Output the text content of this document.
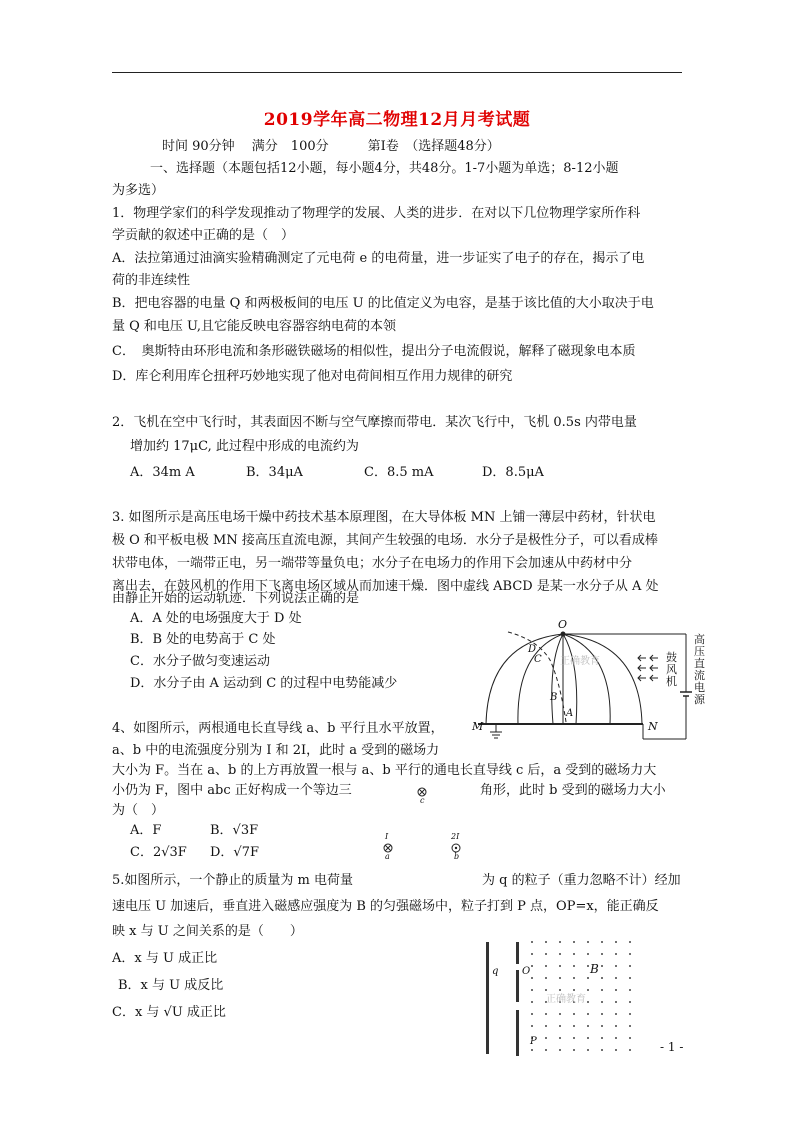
2019学年高二物理12月月考试题
时间 90分钟　 满分　100分　　　第Ⅰ卷　（选择题48分）
一、选择题（本题包括12小题，每小题4分，共48分。1-7小题为单选；8-12小题
为多选）
1．物理学家们的科学发现推动了物理学的发展、人类的进步．在对以下几位物理学家所作科
学贡献的叙述中正确的是（　）
A．法拉第通过油滴实验精确测定了元电荷 e 的电荷量，进一步证实了电子的存在，揭示了电
荷的非连续性
B．把电容器的电量 Q 和两极板间的电压 U 的比值定义为电容，是基于该比值的大小取决于电
量 Q 和电压 U,且它能反映电容器容纳电荷的本领
C．　奥斯特由环形电流和条形磁铁磁场的相似性，提出分子电流假说，解释了磁现象电本质
D．库仑利用库仑扭秤巧妙地实现了他对电荷间相互作用力规律的研究
2．飞机在空中飞行时，其表面因不断与空气摩擦而带电．某次飞行中，飞机 0.5s 内带电量
增加约 17μC, 此过程中形成的电流约为
A．34m A	B．34μA	C．8.5 mA	D．8.5μA
3. 如图所示是高压电场干燥中药技术基本原理图，在大导体板 MN 上铺一薄层中药材，针状电
极 O 和平板电极 MN 接高压直流电源，其间产生较强的电场．水分子是极性分子，可以看成棒
状带电体，一端带正电，另一端带等量负电；水分子在电场力的作用下会加速从中药材中分
离出去，在鼓风机的作用下飞离电场区域从而加速干燥．图中虚线 ABCD 是某一水分子从 A 处
由静止开始的运动轨迹．下列说法正确的是
A．A 处的电场强度大于 D 处
B．B 处的电势高于 C 处
C．水分子做匀变速运动
D．水分子由 A 运动到 C 的过程中电势能减少
O
M	N
A
B
C
D
正确教育	鼓风机
高压直流电源
4、如图所示，两根通电长直导线 a、b 平行且水平放置，
a、b 中的电流强度分别为 I 和 2I，此时 a 受到的磁场力
大小为 F。当在 a、b 的上方再放置一根与 a、b 平行的通电长直导线 c 后，a 受到的磁场力大
小仍为 F，图中 abc 正好构成一个等边三	角形，此时 b 受到的磁场力大小
为（　）
A．F	B．√3F
C．2√3F D．√7F
c
I
a
2I
b
5.如图所示，一个静止的质量为 m 电荷量	为 q 的粒子（重力忽略不计）经加
速电压 U 加速后，垂直进入磁感应强度为 B 的匀强磁场中，粒子打到 P 点，OP=x，能正确反
映 x 与 U 之间关系的是（　　）
A．x 与 U 成正比
B．x 与 U 成反比
C．x 与 √U 成正比
q O	B
P
正确教育
- 1 -
